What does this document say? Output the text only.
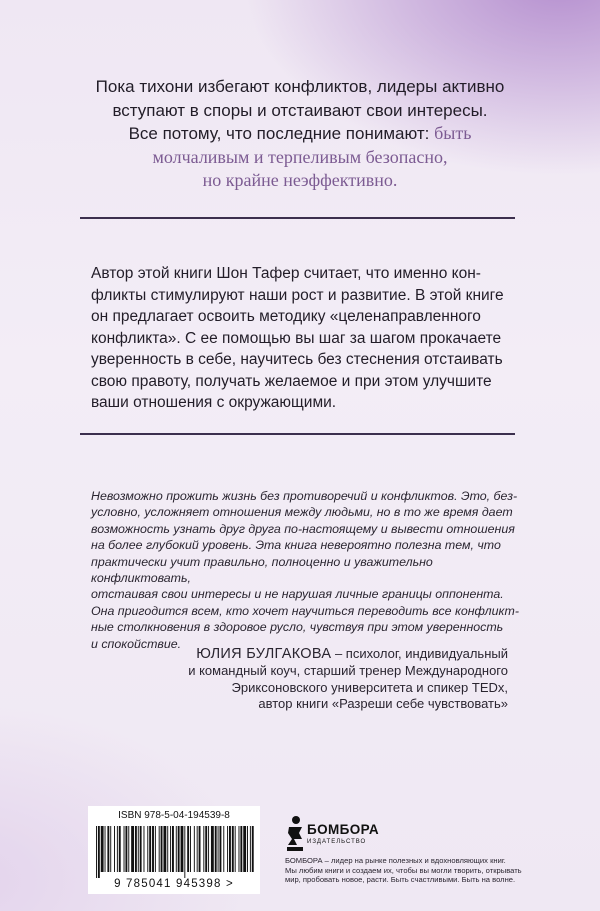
Пока тихони избегают конфликтов, лидеры активно
вступают в споры и отстаивают свои интересы.
Все потому, что последние понимают: быть
молчаливым и терпеливым безопасно,
но крайне неэффективно.

Автор этой книги Шон Тафер считает, что именно кон-

фликты стимулируют наши рост и развитие. В этой книге

он предлагает освоить методику «целенаправленного

конфликта». С ее помощью вы шаг за шагом прокачаете

уверенность в себе, научитесь без стеснения отстаивать

свою правоту, получать желаемое и при этом улучшите

ваши отношения с окружающими.

Невозможно прожить жизнь без противоречий и конфликтов. Это, без-

условно, усложняет отношения между людьми, но в то же время дает

возможность узнать друг друга по-настоящему и вывести отношения

на более глубокий уровень. Эта книга невероятно полезна тем, что

практически учит правильно, полноценно и уважительно конфликтовать,

отстаивая свои интересы и не нарушая личные границы оппонента.

Она пригодится всем, кто хочет научиться переводить все конфликт-

ные столкновения в здоровое русло, чувствуя при этом уверенность

и спокойствие.

ЮЛИЯ БУЛГАКОВА – психолог, индивидуальный
и командный коуч, старший тренер Международного
Эриксоновского университета и спикер TEDx,
автор книги «Разреши себе чувствовать»
ISBN 978-5-04-194539-8
9 785041 945398 >
БОМБОРА
ИЗДАТЕЛЬСТВО
БОМБОРА – лидер на рынке полезных и вдохновляющих книг.
Мы любим книги и создаем их, чтобы вы могли творить, открывать
мир, пробовать новое, расти. Быть счастливыми. Быть на волне.
